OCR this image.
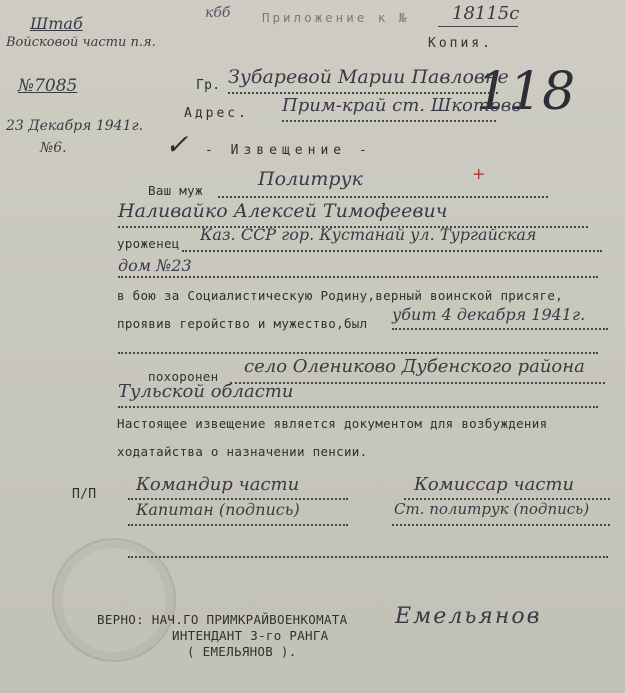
Штаб
Войсковой части п.я.
№7085
23 Декабря 1941г.
№6.
кбб	Приложение к № 18115с
Копия.
118
Гр. Зубаревой Марии Павловне
Адрес. Прим-край ст. Шкотово
✓ - Извещение -
Ваш муж
Политрук	+
Наливайко Алексей Тимофеевич
уроженец Каз. ССР гор. Кустанай ул. Тургайская
дом №23
в бою за Социалистическую Родину,верный воинской присяге,
проявив геройство и мужество,был убит 4 декабря 1941г.
похоронен село Олениково Дубенского района
Тульской области
Настоящее извещение является документом для возбуждения
ходатайства о назначении пенсии.
П/П Командир части	Комиссар части
Капитан (подпись)	Ст. политрук (подпись)
ВЕРНО: НАЧ.ГО ПРИМКРАЙВОЕНКОМАТА
ИНТЕНДАНТ 3-го РАНГА
( ЕМЕЛЬЯНОВ ).
Емельянов
